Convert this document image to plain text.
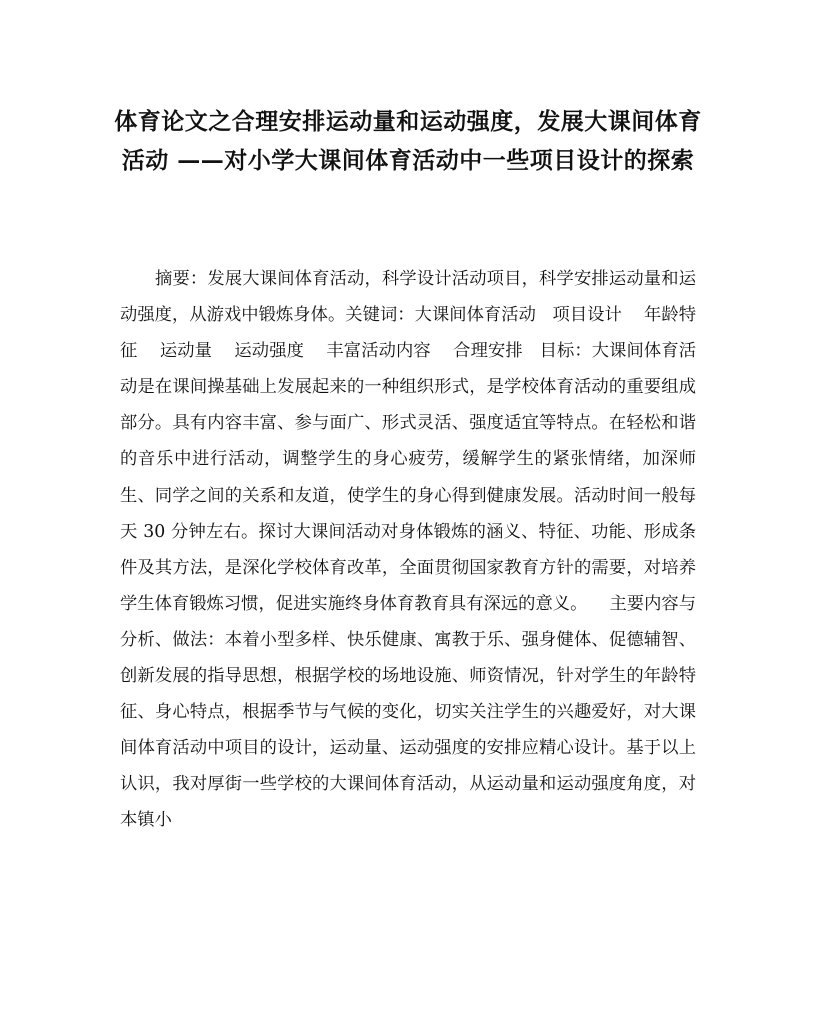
体育论文之合理安排运动量和运动强度，发展大课间体育活动 ——对小学大课间体育活动中一些项目设计的探索

摘要：发展大课间体育活动，科学设计活动项目，科学安排运动量和运动强度，从游戏中锻炼身体。关键词：大课间体育活动   项目设计    年龄特征    运动量    运动强度    丰富活动内容    合理安排   目标：大课间体育活动是在课间操基础上发展起来的一种组织形式，是学校体育活动的重要组成部分。具有内容丰富、参与面广、形式灵活、强度适宜等特点。在轻松和谐的音乐中进行活动，调整学生的身心疲劳，缓解学生的紧张情绪，加深师生、同学之间的关系和友道，使学生的身心得到健康发展。活动时间一般每天 30 分钟左右。探讨大课间活动对身体锻炼的涵义、特征、功能、形成条件及其方法，是深化学校体育改革，全面贯彻国家教育方针的需要，对培养学生体育锻炼习惯，促进实施终身体育教育具有深远的意义。    主要内容与分析、做法：本着小型多样、快乐健康、寓教于乐、强身健体、促德辅智、创新发展的指导思想，根据学校的场地设施、师资情况，针对学生的年龄特征、身心特点，根据季节与气候的变化，切实关注学生的兴趣爱好，对大课间体育活动中项目的设计，运动量、运动强度的安排应精心设计。基于以上认识，我对厚街一些学校的大课间体育活动，从运动量和运动强度角度，对本镇小
